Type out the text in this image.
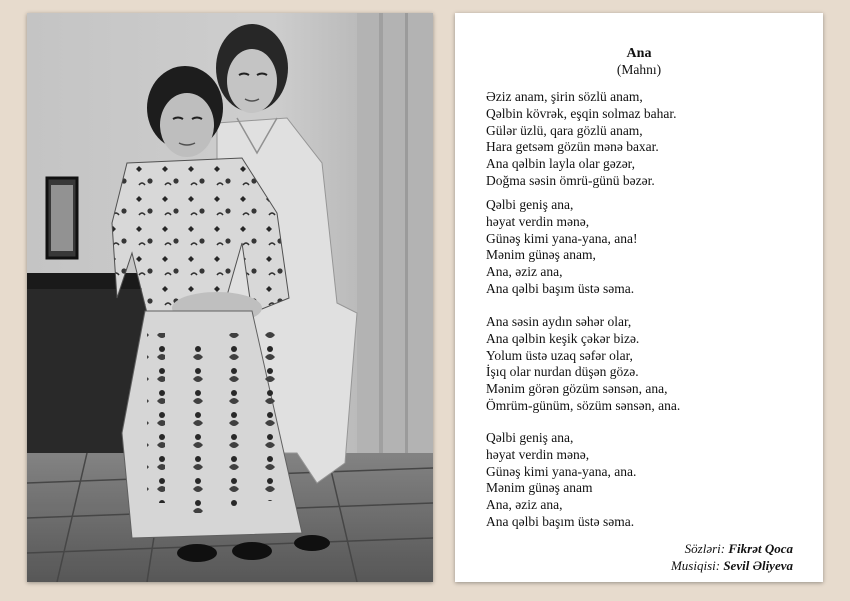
Ana
(Mahnı)
Əziz anam, şirin sözlü anam,
Qəlbin kövrək, eşqin solmaz bahar.
Gülər üzlü, qara gözlü anam,
Hara getsəm gözün mənə baxar.
Ana qəlbin layla olar gəzər,
Doğma səsin ömrü-günü bəzər.
Qəlbi geniş ana,
həyat verdin mənə,
Günəş kimi yana-yana, ana!
Mənim günəş anam,
Ana, əziz ana,
Ana qəlbi başım üstə səma.
Ana səsin aydın səhər olar,
Ana qəlbin keşik çəkər bizə.
Yolum üstə uzaq səfər olar,
İşıq olar nurdan düşən gözə.
Mənim görən gözüm sənsən, ana,
Ömrüm-günüm, sözüm sənsən, ana.
Qəlbi geniş ana,
həyat verdin mənə,
Günəş kimi yana-yana, ana.
Mənim günəş anam
Ana, əziz ana,
Ana qəlbi başım üstə səma.
Sözləri: Fikrət Qoca
Musiqisi: Sevil Əliyeva
